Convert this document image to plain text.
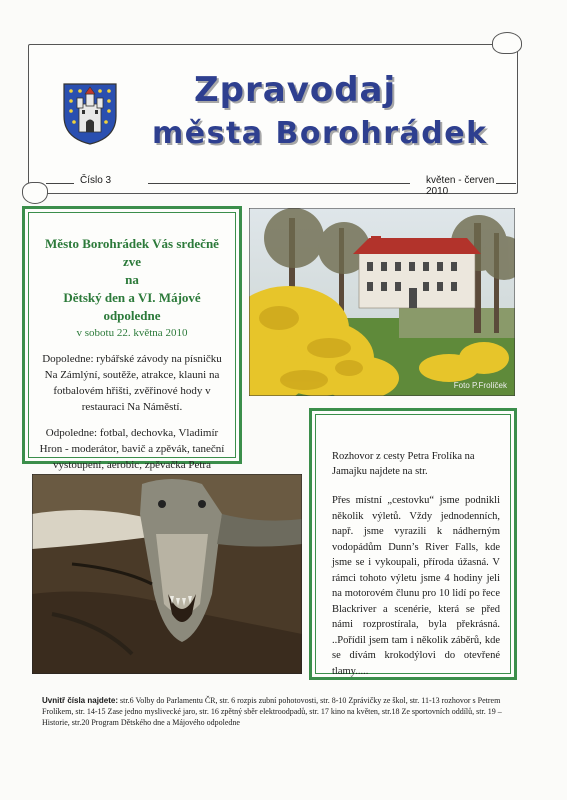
Zpravodaj
města Borohrádek
Číslo 3	květen - červen 2010
Město Borohrádek Vás srdečně zve
na
Dětský den a VI. Májové odpoledne
v sobotu 22. května 2010
Dopoledne: rybářské závody na písničku Na Zámlýní, soutěže, atrakce, klauni na fotbalovém hřišti, zvěřinové hody v restauraci Na Náměstí.
Odpoledne: fotbal, dechovka, Vladimír Hron - moderátor, bavič a zpěvák, taneční vystoupení, aerobic, zpěvačka Petra
Foto P.Frolíček
Rozhovor z cesty Petra Frolíka na Jamajku najdete na str.
Přes místní „cestovku“ jsme podnikli několik výletů. Vždy jednodenních, např. jsme vyrazili k nádherným vodopádům Dunn’s River Falls, kde jsme se i vykoupali, příroda úžasná. V rámci tohoto výletu jsme 4 hodiny jeli na motorovém člunu pro 10 lidí po řece Blackriver a scenérie, která se před námi rozprostírala, byla překrásná. ..Pořídil jsem tam i několik záběrů, kde se dívám krokodýlovi do otevřené tlamy.....
Uvnitř čísla najdete: str.6 Volby do Parlamentu ČR, str. 6 rozpis zubní pohotovosti, str. 8-10 Zprávičky ze škol, str. 11-13 rozhovor s Petrem Frolíkem, str. 14-15 Zase jedno myslivecké jaro, str. 16 zpětný sběr elektroodpadů, str. 17 kino na květen, str.18 Ze sportovních oddílů, str. 19 – Historie, str.20 Program Dětského dne a Májového odpoledne
